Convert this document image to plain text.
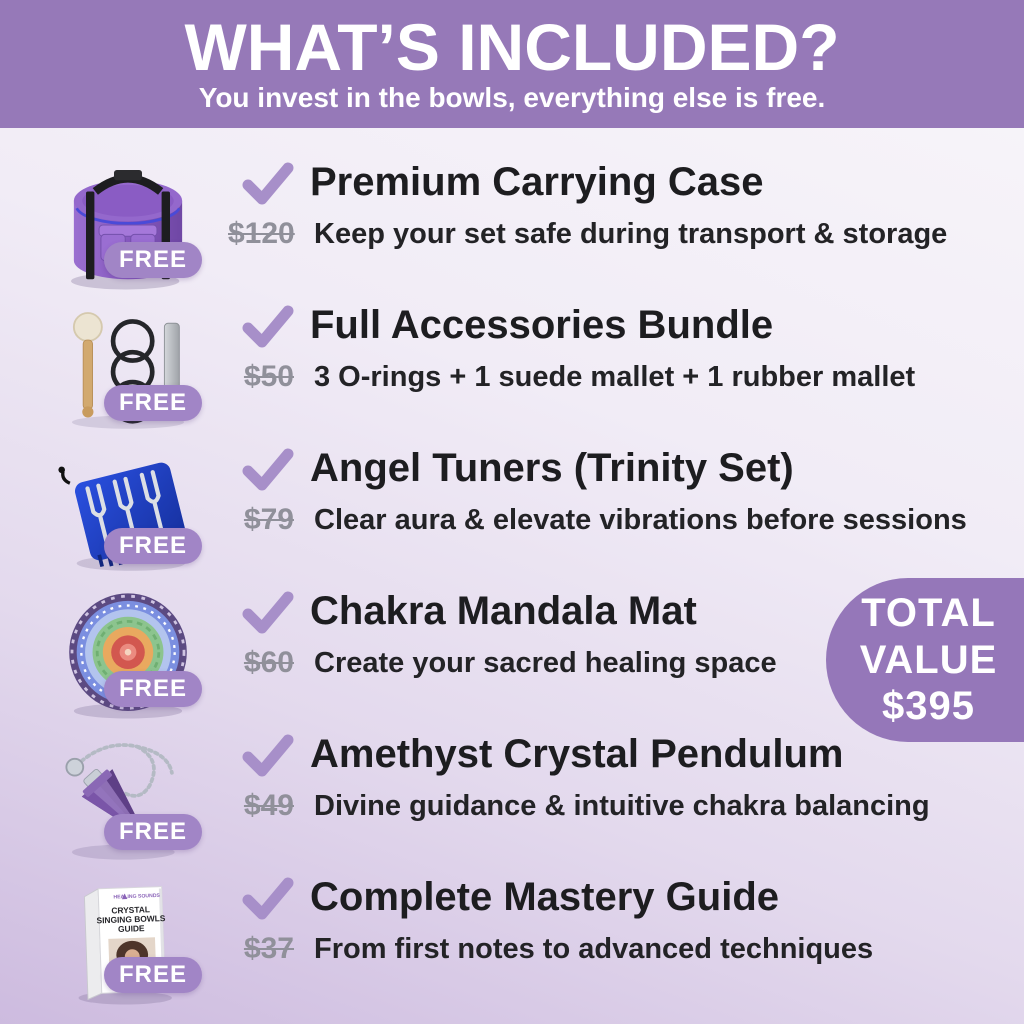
WHAT’S INCLUDED?
You invest in the bowls, everything else is free.
FREE
Premium Carrying Case
$120 Keep your set safe during transport & storage
FREE
Full Accessories Bundle
$50 3 O-rings + 1 suede mallet + 1 rubber mallet
FREE
Angel Tuners (Trinity Set)
$79 Clear aura & elevate vibrations before sessions
FREE
Chakra Mandala Mat
$60 Create your sacred healing space
FREE
Amethyst Crystal Pendulum
$49 Divine guidance & intuitive chakra balancing
HEALING SOUNDS
CRYSTAL
SINGING BOWLS
GUIDE
FREE
Complete Mastery Guide
$37 From first notes to advanced techniques
TOTAL
VALUE
$395
